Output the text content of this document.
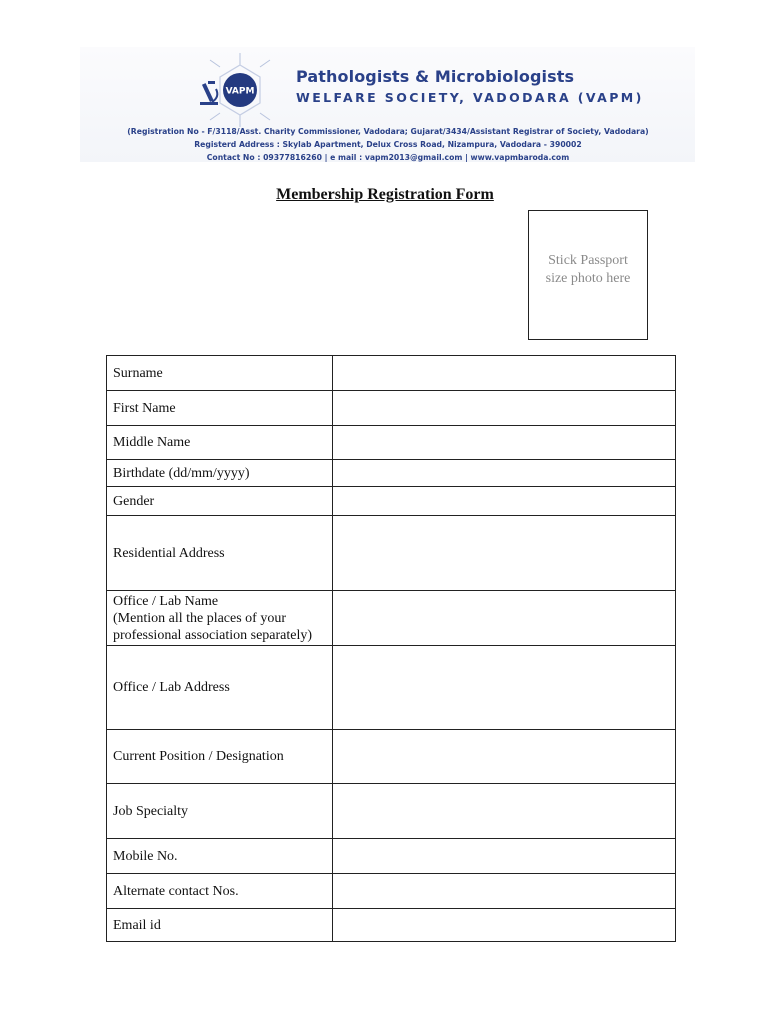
VAPM
Pathologists & Microbiologists
WELFARE SOCIETY, VADODARA (VAPM)
(Registration No - F/3118/Asst. Charity Commissioner, Vadodara; Gujarat/3434/Assistant Registrar of Society, Vadodara)
Registerd Address : Skylab Apartment, Delux Cross Road, Nizampura, Vadodara - 390002
Contact No : 09377816260 | e mail : vapm2013@gmail.com | www.vapmbaroda.com
Membership Registration Form
Stick Passport
size photo here
Surname	
First Name	
Middle Name	
Birthdate (dd/mm/yyyy)	
Gender	
Residential Address	
Office / Lab Name
(Mention all the places of your
professional association separately)	
Office / Lab Address	
Current Position / Designation	
Job Specialty	
Mobile No.	
Alternate contact Nos.	
Email id	
